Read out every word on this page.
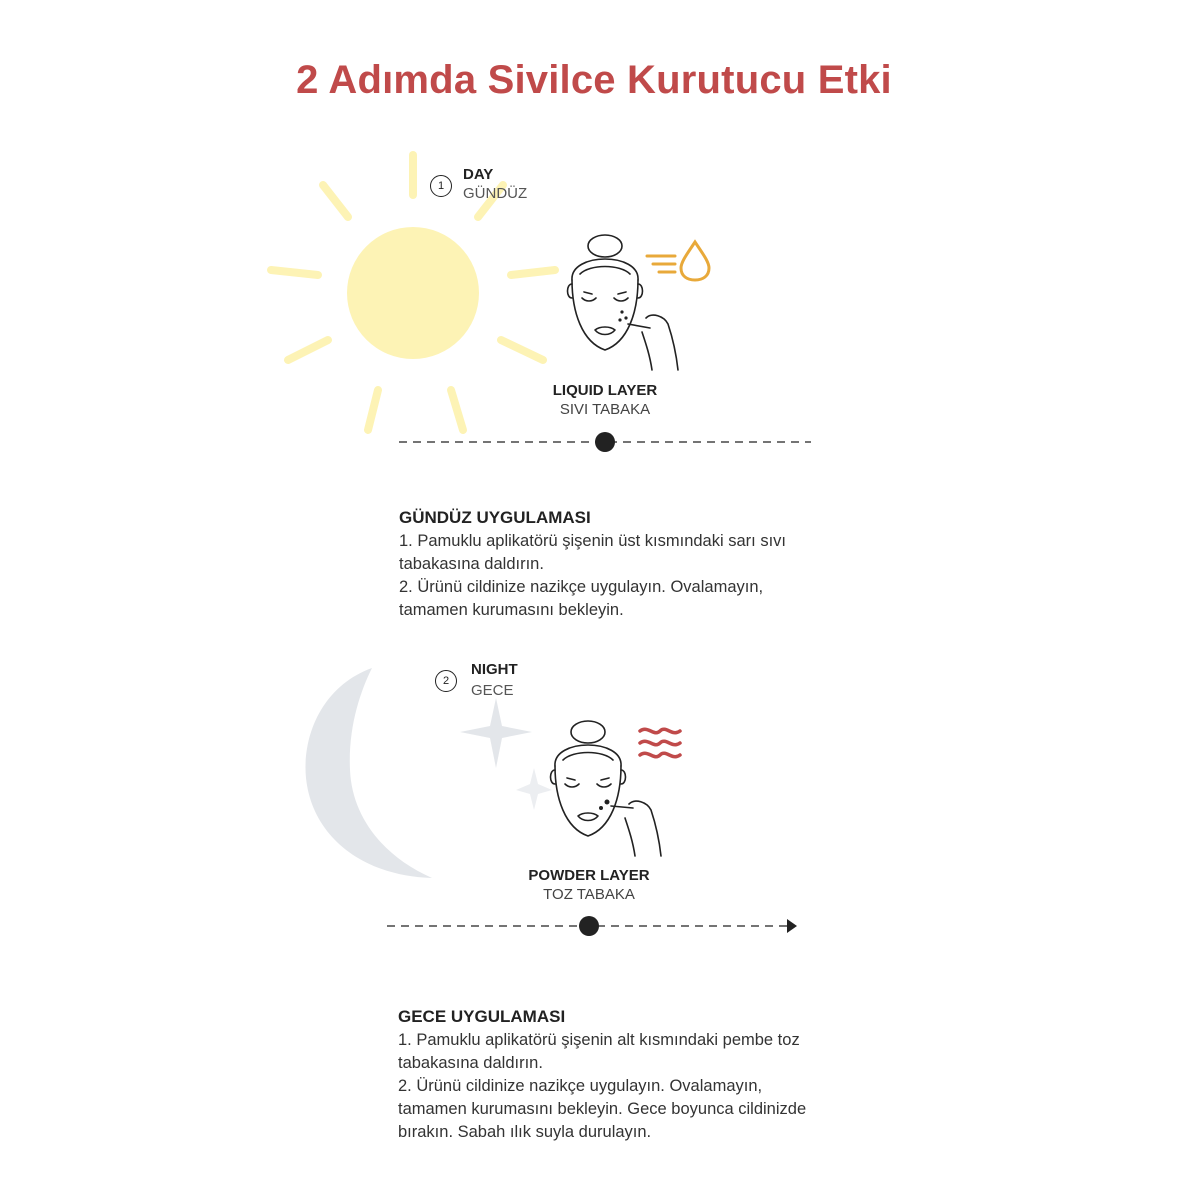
2 Adımda Sivilce Kurutucu Etki
1
DAY
GÜNDÜZ
LIQUID LAYER
SIVI TABAKA
GÜNDÜZ UYGULAMASI

1. Pamuklu aplikatörü şişenin üst kısmındaki sarı sıvı tabakasına daldırın.

2. Ürünü cildinize nazikçe uygulayın. Ovalamayın, tamamen kurumasını bekleyin.

2
NIGHT
GECE
POWDER LAYER
TOZ TABAKA
GECE UYGULAMASI

1. Pamuklu aplikatörü şişenin alt kısmındaki pembe toz tabakasına daldırın.

2. Ürünü cildinize nazikçe uygulayın. Ovalamayın, tamamen kurumasını bekleyin. Gece boyunca cildinizde bırakın. Sabah ılık suyla durulayın.
